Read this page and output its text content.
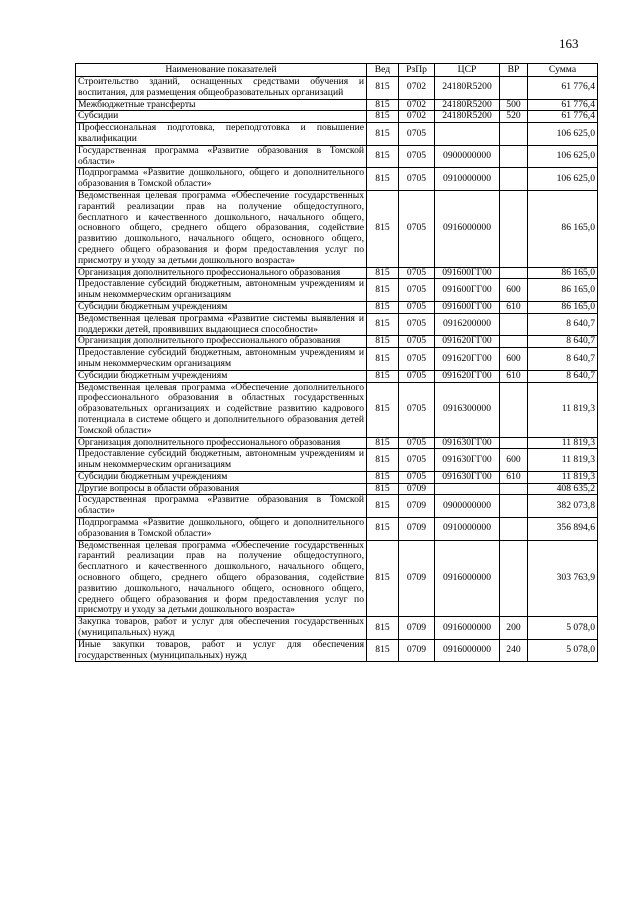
163
Наименование показателей	Вед	РзПр	ЦСР	ВР	Сумма
Строительство зданий, оснащенных средствами обучения и воспитания, для размещения общеобразовательных организаций	815	0702	24180R5200		61 776,4
Межбюджетные трансферты	815	0702	24180R5200	500	61 776,4
Субсидии	815	0702	24180R5200	520	61 776,4
Профессиональная подготовка, переподготовка и повышение квалификации	815	0705			106 625,0
Государственная программа «Развитие образования в Томской области»	815	0705	0900000000		106 625,0
Подпрограмма «Развитие дошкольного, общего и дополнительного образования в Томской области»	815	0705	0910000000		106 625,0
Ведомственная целевая программа «Обеспечение государственных гарантий реализации прав на получение общедоступного, бесплатного и качественного дошкольного, начального общего, основного общего, среднего общего образования, содействие развитию дошкольного, начального общего, основного общего, среднего общего образования и форм предоставления услуг по присмотру и уходу за детьми дошкольного возраста»	815	0705	0916000000		86 165,0
Организация дополнительного профессионального образования	815	0705	091600ГГ00		86 165,0
Предоставление субсидий бюджетным, автономным учреждениям и иным некоммерческим организациям	815	0705	091600ГГ00	600	86 165,0
Субсидии бюджетным учреждениям	815	0705	091600ГГ00	610	86 165,0
Ведомственная целевая программа «Развитие системы выявления и поддержки детей, проявивших выдающиеся способности»	815	0705	0916200000		8 640,7
Организация дополнительного профессионального образования	815	0705	091620ГГ00		8 640,7
Предоставление субсидий бюджетным, автономным учреждениям и иным некоммерческим организациям	815	0705	091620ГГ00	600	8 640,7
Субсидии бюджетным учреждениям	815	0705	091620ГГ00	610	8 640,7
Ведомственная целевая программа «Обеспечение дополнительного профессионального образования в областных государственных образовательных организациях и содействие развитию кадрового потенциала в системе общего и дополнительного образования детей Томской области»	815	0705	0916300000		11 819,3
Организация дополнительного профессионального образования	815	0705	091630ГГ00		11 819,3
Предоставление субсидий бюджетным, автономным учреждениям и иным некоммерческим организациям	815	0705	091630ГГ00	600	11 819,3
Субсидии бюджетным учреждениям	815	0705	091630ГГ00	610	11 819,3
Другие вопросы в области образования	815	0709			408 635,2
Государственная программа «Развитие образования в Томской области»	815	0709	0900000000		382 073,8
Подпрограмма «Развитие дошкольного, общего и дополнительного образования в Томской области»	815	0709	0910000000		356 894,6
Ведомственная целевая программа «Обеспечение государственных гарантий реализации прав на получение общедоступного, бесплатного и качественного дошкольного, начального общего, основного общего, среднего общего образования, содействие развитию дошкольного, начального общего, основного общего, среднего общего образования и форм предоставления услуг по присмотру и уходу за детьми дошкольного возраста»	815	0709	0916000000		303 763,9
Закупка товаров, работ и услуг для обеспечения государственных (муниципальных) нужд	815	0709	0916000000	200	5 078,0
Иные закупки товаров, работ и услуг для обеспечения государственных (муниципальных) нужд	815	0709	0916000000	240	5 078,0
